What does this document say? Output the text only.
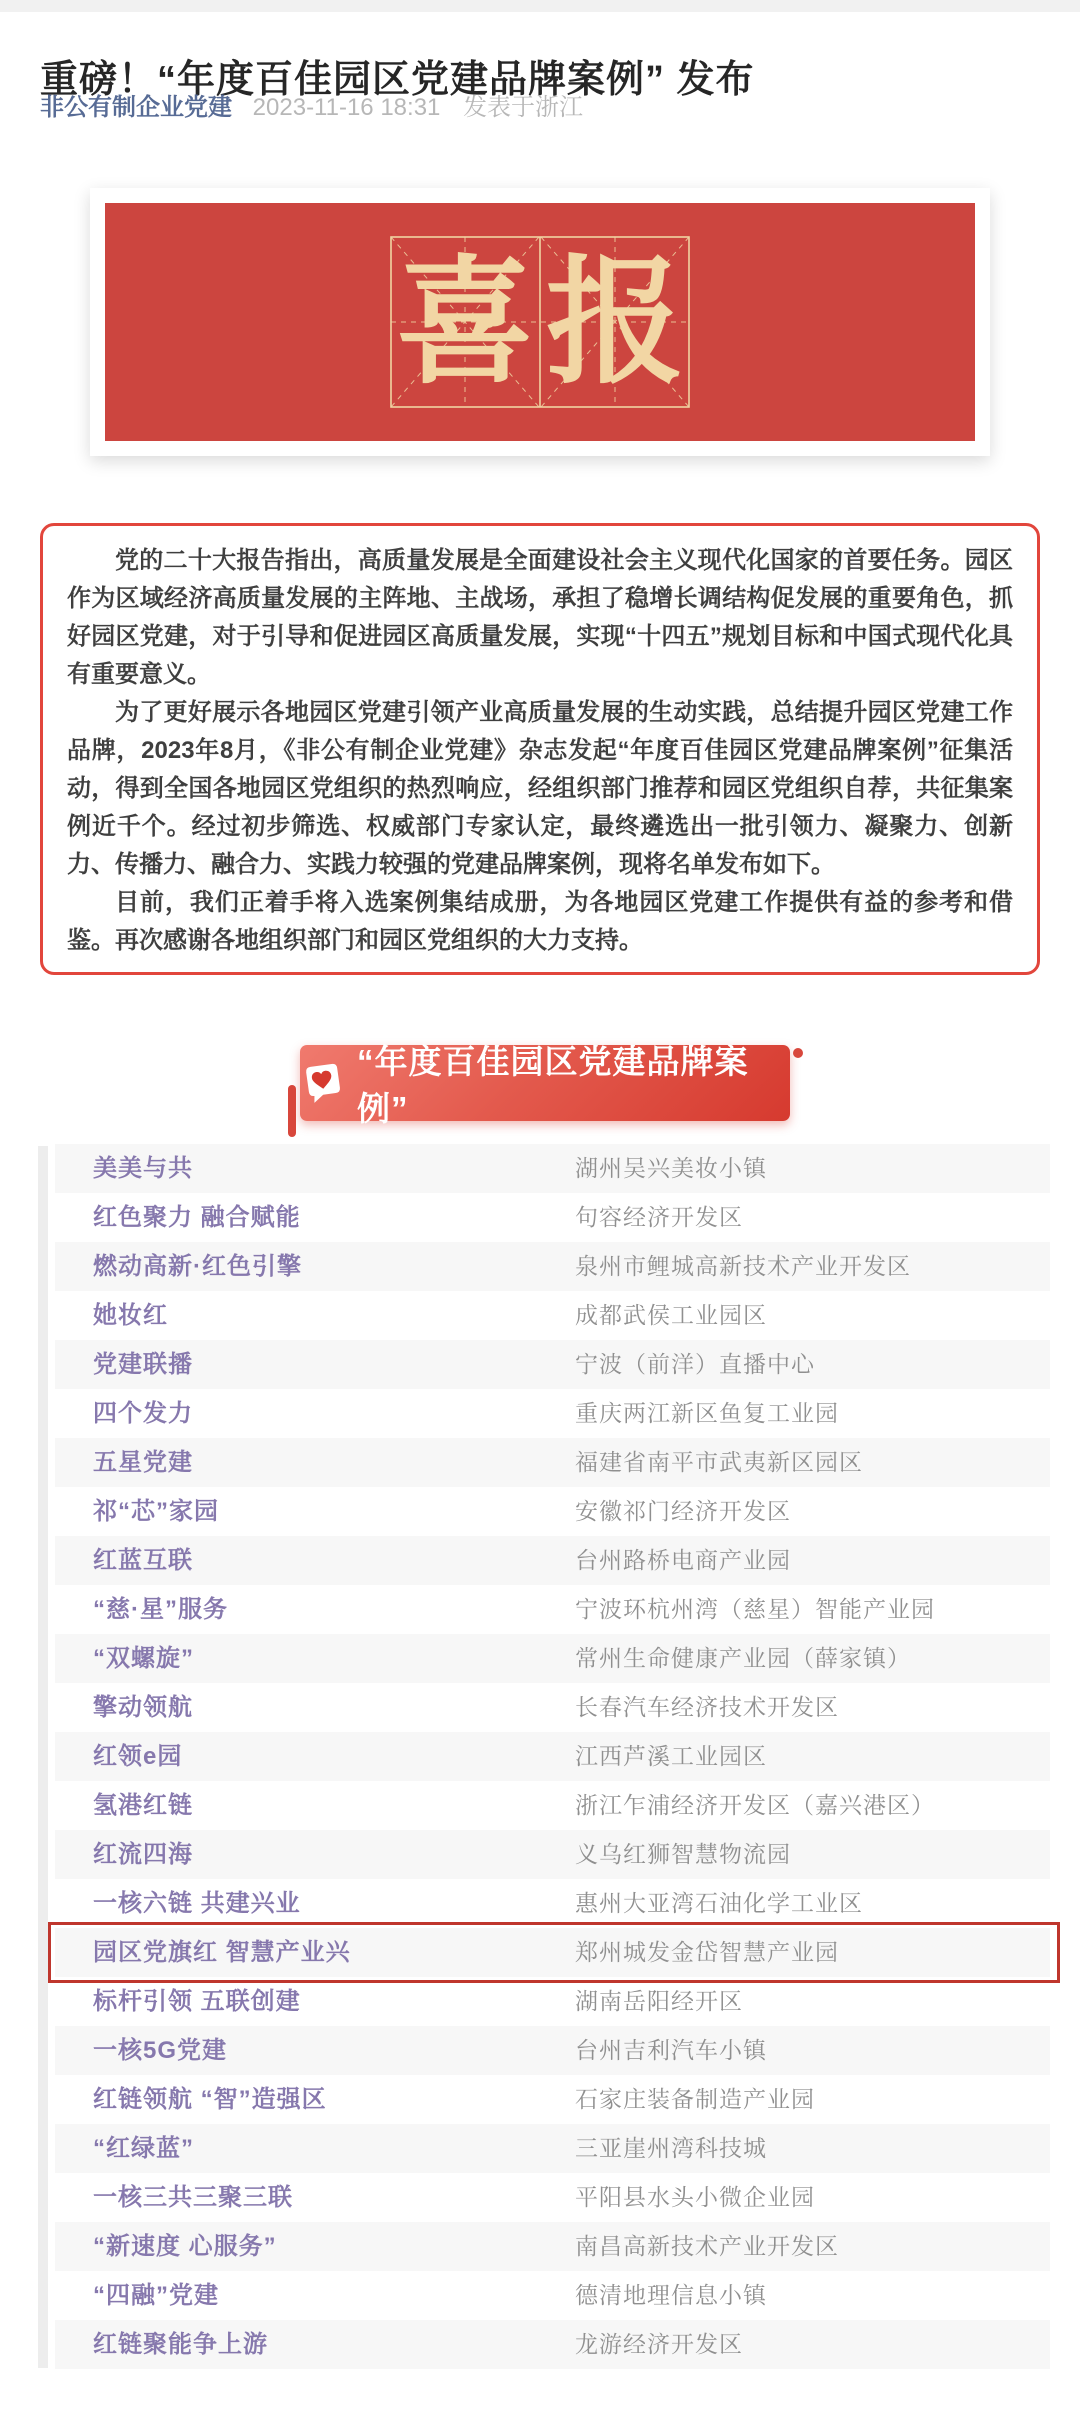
重磅！“年度百佳园区党建品牌案例” 发布
非公有制企业党建 2023-11-16 18:31 发表于浙江
喜 报

党的二十大报告指出，高质量发展是全面建设社会主义现代化国家的首要任务。园区作为区域经济高质量发展的主阵地、主战场，承担了稳增长调结构促发展的重要角色，抓好园区党建，对于引导和促进园区高质量发展，实现“十四五”规划目标和中国式现代化具有重要意义。

为了更好展示各地园区党建引领产业高质量发展的生动实践，总结提升园区党建工作品牌，2023年8月，《非公有制企业党建》杂志发起“年度百佳园区党建品牌案例”征集活动，得到全国各地园区党组织的热烈响应，经组织部门推荐和园区党组织自荐，共征集案例近千个。经过初步筛选、权威部门专家认定，最终遴选出一批引领力、凝聚力、创新力、传播力、融合力、实践力较强的党建品牌案例，现将名单发布如下。

目前，我们正着手将入选案例集结成册，为各地园区党建工作提供有益的参考和借鉴。再次感谢各地组织部门和园区党组织的大力支持。

“年度百佳园区党建品牌案例”
美美与共	湖州吴兴美妆小镇
红色聚力 融合赋能	句容经济开发区
燃动高新·红色引擎	泉州市鲤城高新技术产业开发区
她妆红	成都武侯工业园区
党建联播	宁波（前洋）直播中心
四个发力	重庆两江新区鱼复工业园
五星党建	福建省南平市武夷新区园区
祁“芯”家园	安徽祁门经济开发区
红蓝互联	台州路桥电商产业园
“慈·星”服务	宁波环杭州湾（慈星）智能产业园
“双螺旋”	常州生命健康产业园（薛家镇）
擎动领航	长春汽车经济技术开发区
红领e园	江西芦溪工业园区
氢港红链	浙江乍浦经济开发区（嘉兴港区）
红流四海	义乌红狮智慧物流园
一核六链 共建兴业	惠州大亚湾石油化学工业区
园区党旗红 智慧产业兴	郑州城发金岱智慧产业园
标杆引领 五联创建	湖南岳阳经开区
一核5G党建	台州吉利汽车小镇
红链领航 “智”造强区	石家庄装备制造产业园
“红绿蓝”	三亚崖州湾科技城
一核三共三聚三联	平阳县水头小微企业园
“新速度 心服务”	南昌高新技术产业开发区
“四融”党建	德清地理信息小镇
红链聚能争上游	龙游经济开发区
